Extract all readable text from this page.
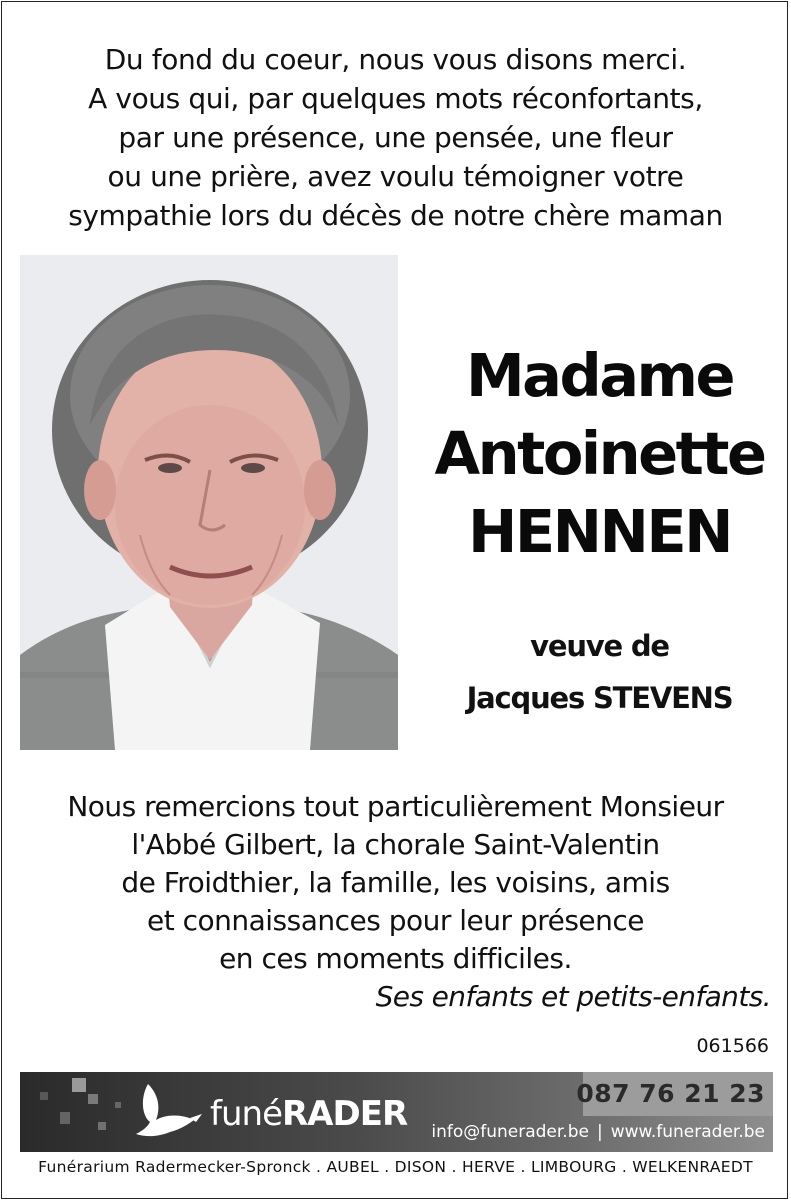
Du fond du coeur, nous vous disons merci.
A vous qui, par quelques mots réconfortants,
par une présence, une pensée, une fleur
ou une prière, avez voulu témoigner votre
sympathie lors du décès de notre chère maman
Madame
Antoinette
HENNEN
veuve de
Jacques STEVENS
Nous remercions tout particulièrement Monsieur
l'Abbé Gilbert, la chorale Saint-Valentin
de Froidthier, la famille, les voisins, amis
et connaissances pour leur présence
en ces moments difficiles.
Ses enfants et petits-enfants.
061566
funéRADER
087 76 21 23
info@funerader.be | www.funerader.be
Funérarium Radermecker-Spronck . AUBEL . DISON . HERVE . LIMBOURG . WELKENRAEDT
